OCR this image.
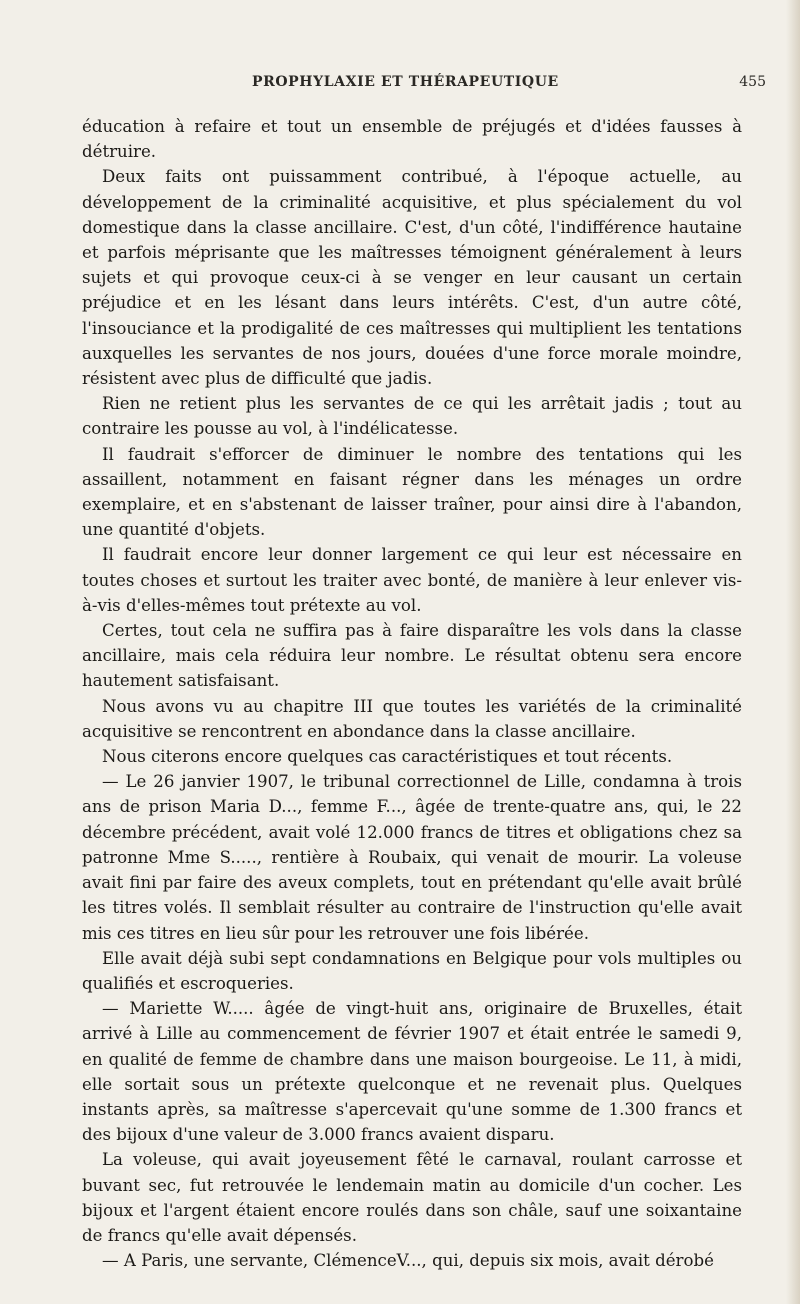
PROPHYLAXIE ET THÉRAPEUTIQUE	455

éducation à refaire et tout un ensemble de préjugés et d'idées fausses à détruire.

Deux faits ont puissamment contribué, à l'époque actuelle, au développement de la criminalité acquisitive, et plus spécialement du vol domestique dans la classe ancillaire. C'est, d'un côté, l'indifférence hautaine et parfois méprisante que les maîtresses témoignent généralement à leurs sujets et qui provoque ceux-ci à se venger en leur causant un certain préjudice et en les lésant dans leurs intérêts. C'est, d'un autre côté, l'insouciance et la prodigalité de ces maîtresses qui multiplient les tentations auxquelles les servantes de nos jours, douées d'une force morale moindre, résistent avec plus de difficulté que jadis.

Rien ne retient plus les servantes de ce qui les arrêtait jadis ; tout au contraire les pousse au vol, à l'indélicatesse.

Il faudrait s'efforcer de diminuer le nombre des tentations qui les assaillent, notamment en faisant régner dans les ménages un ordre exemplaire, et en s'abstenant de laisser traîner, pour ainsi dire à l'abandon, une quantité d'objets.

Il faudrait encore leur donner largement ce qui leur est nécessaire en toutes choses et surtout les traiter avec bonté, de manière à leur enlever vis-à-vis d'elles-mêmes tout prétexte au vol.

Certes, tout cela ne suffira pas à faire disparaître les vols dans la classe ancillaire, mais cela réduira leur nombre. Le résultat obtenu sera encore hautement satisfaisant.

Nous avons vu au chapitre III que toutes les variétés de la criminalité acquisitive se rencontrent en abondance dans la classe ancillaire.

Nous citerons encore quelques cas caractéristiques et tout récents.

— Le 26 janvier 1907, le tribunal correctionnel de Lille, condamna à trois ans de prison Maria D..., femme F..., âgée de trente-quatre ans, qui, le 22 décembre précédent, avait volé 12.000 francs de titres et obligations chez sa patronne Mme S....., rentière à Roubaix, qui venait de mourir. La voleuse avait fini par faire des aveux complets, tout en prétendant qu'elle avait brûlé les titres volés. Il semblait résulter au contraire de l'instruction qu'elle avait mis ces titres en lieu sûr pour les retrouver une fois libérée.

Elle avait déjà subi sept condamnations en Belgique pour vols multiples ou qualifiés et escroqueries.

— Mariette W..... âgée de vingt-huit ans, originaire de Bruxelles, était arrivé à Lille au commencement de février 1907 et était entrée le samedi 9, en qualité de femme de chambre dans une maison bourgeoise. Le 11, à midi, elle sortait sous un prétexte quelconque et ne revenait plus. Quelques instants après, sa maîtresse s'apercevait qu'une somme de 1.300 francs et des bijoux d'une valeur de 3.000 francs avaient disparu.

La voleuse, qui avait joyeusement fêté le carnaval, roulant carrosse et buvant sec, fut retrouvée le lendemain matin au domicile d'un cocher. Les bijoux et l'argent étaient encore roulés dans son châle, sauf une soixantaine de francs qu'elle avait dépensés.

— A Paris, une servante, ClémenceV..., qui, depuis six mois, avait dérobé
